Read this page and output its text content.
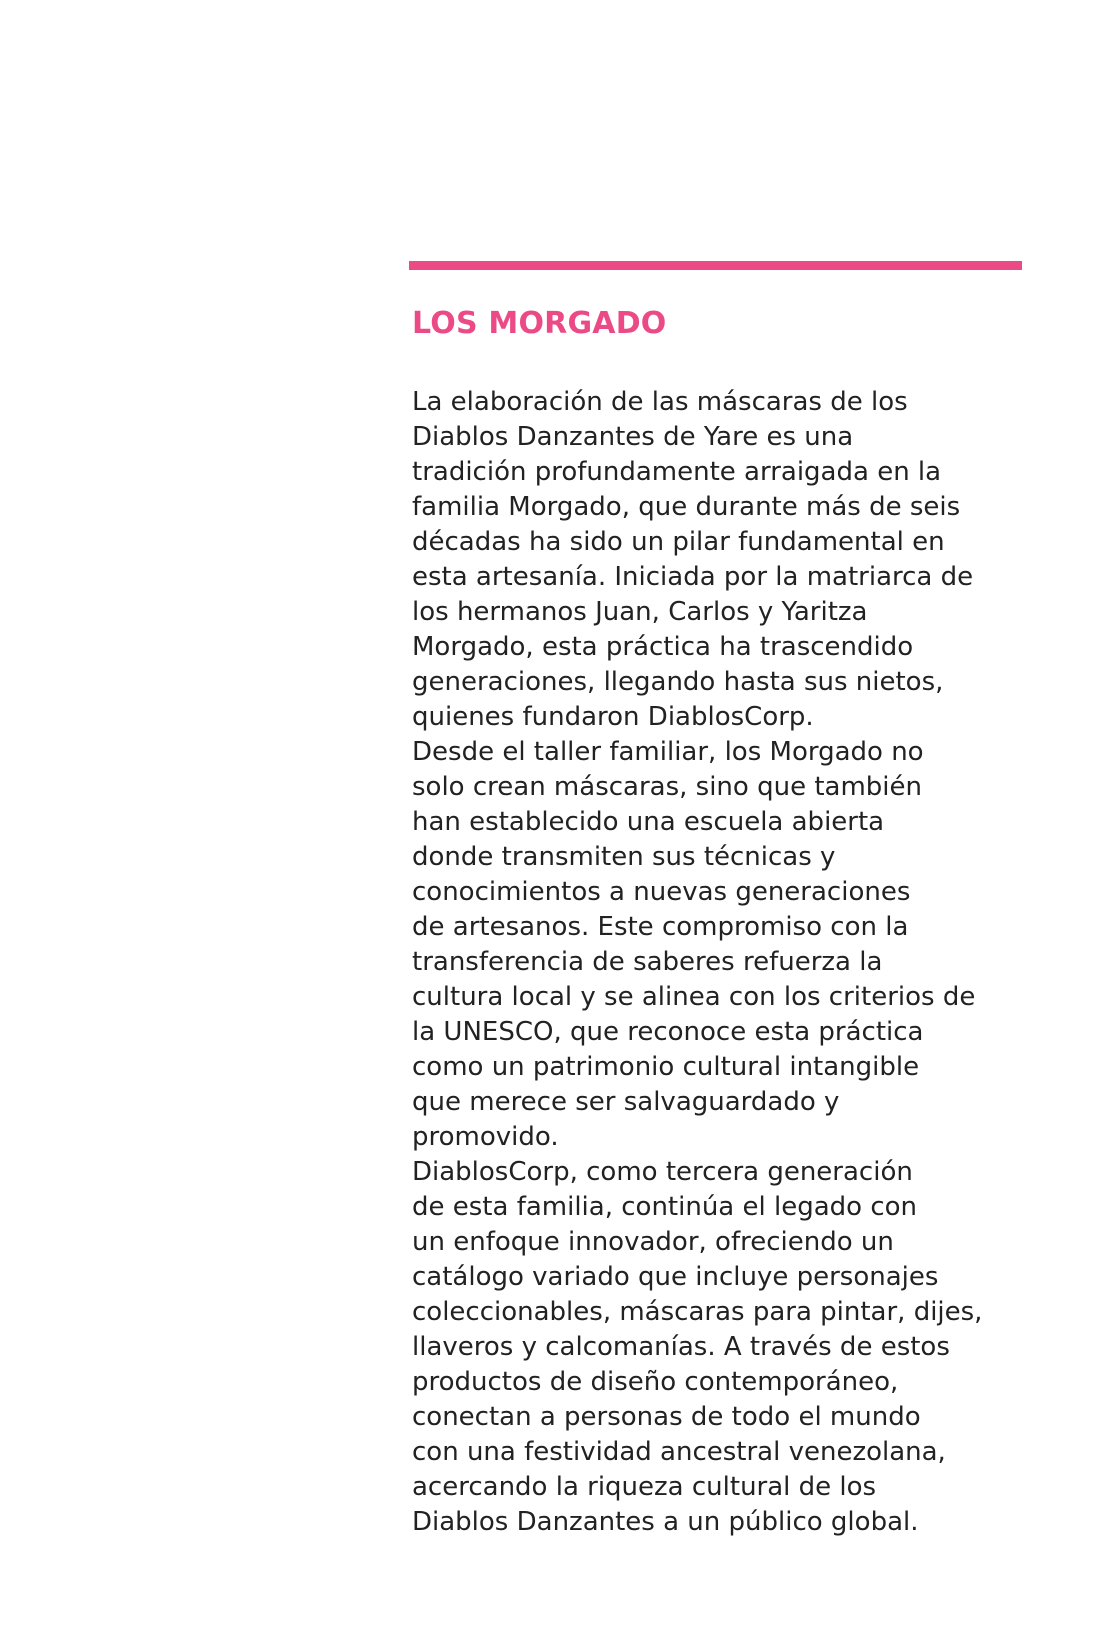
LOS MORGADO
La elaboración de las máscaras de los
Diablos Danzantes de Yare es una
tradición profundamente arraigada en la
familia Morgado, que durante más de seis
décadas ha sido un pilar fundamental en
esta artesanía. Iniciada por la matriarca de
los hermanos Juan, Carlos y Yaritza
Morgado, esta práctica ha trascendido
generaciones, llegando hasta sus nietos,
quienes fundaron DiablosCorp.
Desde el taller familiar, los Morgado no
solo crean máscaras, sino que también
han establecido una escuela abierta
donde transmiten sus técnicas y
conocimientos a nuevas generaciones
de artesanos. Este compromiso con la
transferencia de saberes refuerza la
cultura local y se alinea con los criterios de
la UNESCO, que reconoce esta práctica
como un patrimonio cultural intangible
que merece ser salvaguardado y
promovido.
DiablosCorp, como tercera generación
de esta familia, continúa el legado con
un enfoque innovador, ofreciendo un
catálogo variado que incluye personajes
coleccionables, máscaras para pintar, dijes,
llaveros y calcomanías. A través de estos
productos de diseño contemporáneo,
conectan a personas de todo el mundo
con una festividad ancestral venezolana,
acercando la riqueza cultural de los
Diablos Danzantes a un público global.
